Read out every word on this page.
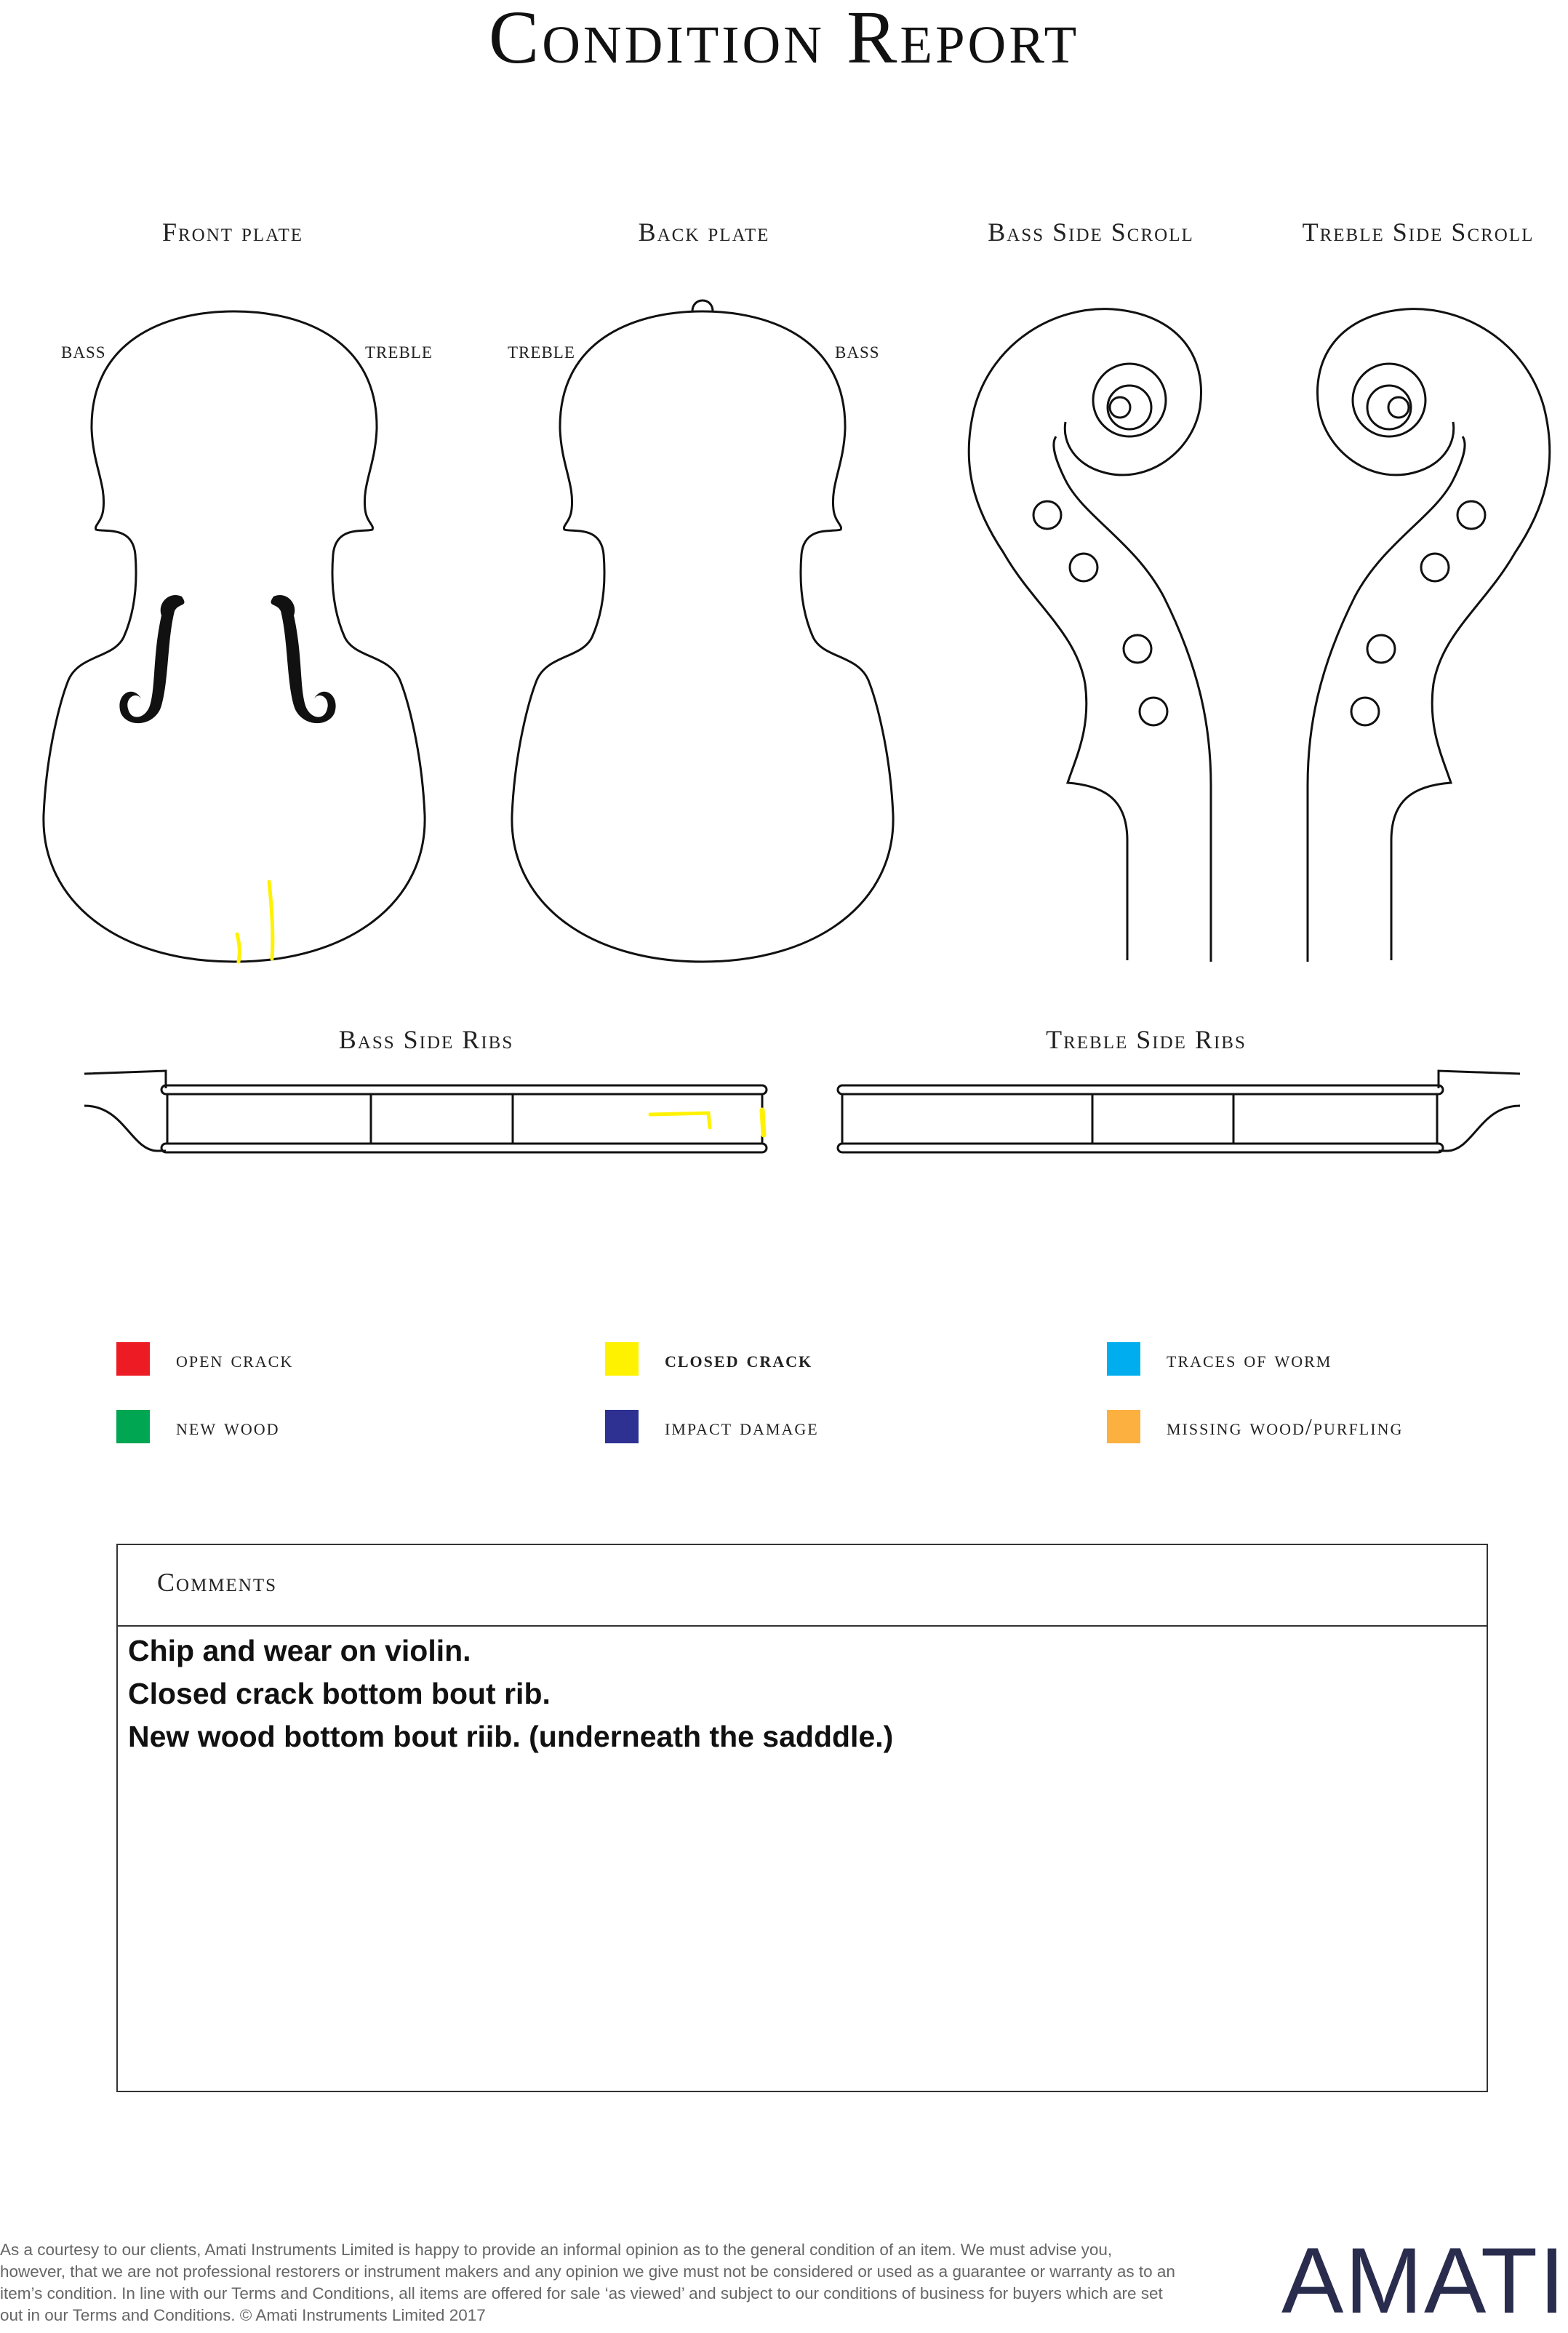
Condition Report
Front plate	Back plate	Bass Side Scroll	Treble Side Scroll
BASS	TREBLE	TREBLE	BASS
Bass Side Ribs	Treble Side Ribs
open crack	closed crack	traces of worm
new wood	impact damage	missing wood/purfling
Comments
Chip and wear on violin.
Closed crack bottom bout rib.
New wood bottom bout riib. (underneath the sadddle.)
As a courtesy to our clients, Amati Instruments Limited is happy to provide an informal opinion as to the general condition of an item. We must advise you, however, that we are not professional restorers or instrument makers and any opinion we give must not be considered or used as a guarantee or warranty as to an item’s condition. In line with our Terms and Conditions, all items are offered for sale ‘as viewed’ and subject to our conditions of business for buyers which are set out in our Terms and Conditions. © Amati Instruments Limited 2017	AMATI
